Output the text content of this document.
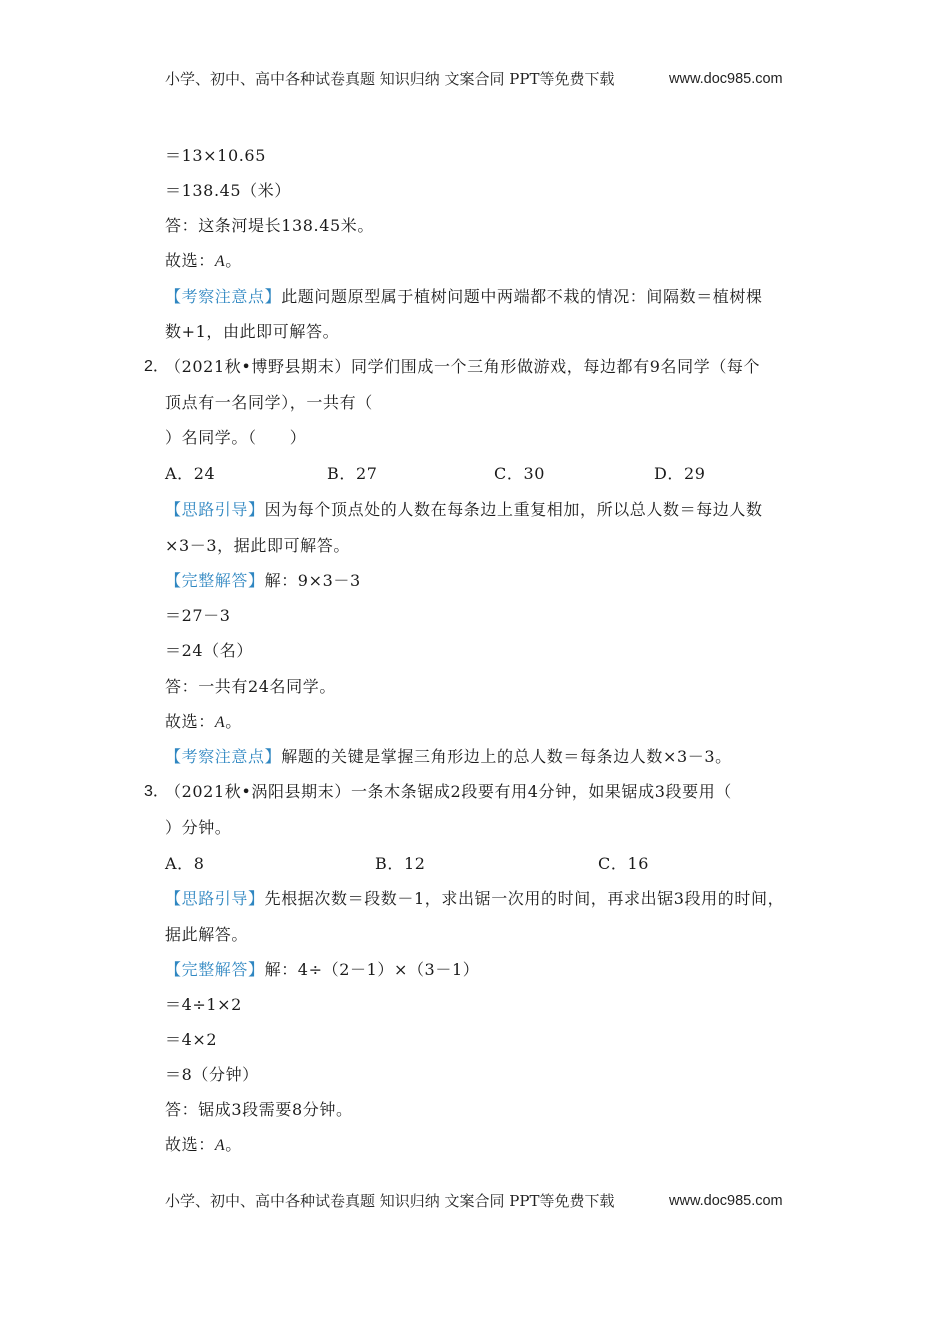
小学、初中、高中各种试卷真题 知识归纳 文案合同 PPT等免费下载	www.doc985.com
＝13×10.65
＝138.45（米）
答：这条河堤长138.45米。
故选：A。
【考察注意点】此题问题原型属于植树问题中两端都不栽的情况：间隔数＝植树棵
数+1，由此即可解答。
2．
（2021秋•博野县期末）同学们围成一个三角形做游戏，每边都有9名同学（每个
顶点有一名同学），一共有（
）名同学。（　　）
A．24	B．27	C．30	D．29
【思路引导】因为每个顶点处的人数在每条边上重复相加，所以总人数＝每边人数
×3－3，据此即可解答。
【完整解答】解：9×3－3
＝27－3
＝24（名）
答：一共有24名同学。
故选：A。
【考察注意点】解题的关键是掌握三角形边上的总人数＝每条边人数×3－3。
3．
（2021秋•涡阳县期末）一条木条锯成2段要有用4分钟，如果锯成3段要用（
）分钟。
A．8	B．12	C．16
【思路引导】先根据次数＝段数－1，求出锯一次用的时间，再求出锯3段用的时间，
据此解答。
【完整解答】解：4÷（2－1）×（3－1）
＝4÷1×2
＝4×2
＝8（分钟）
答：锯成3段需要8分钟。
故选：A。
小学、初中、高中各种试卷真题 知识归纳 文案合同 PPT等免费下载	www.doc985.com
